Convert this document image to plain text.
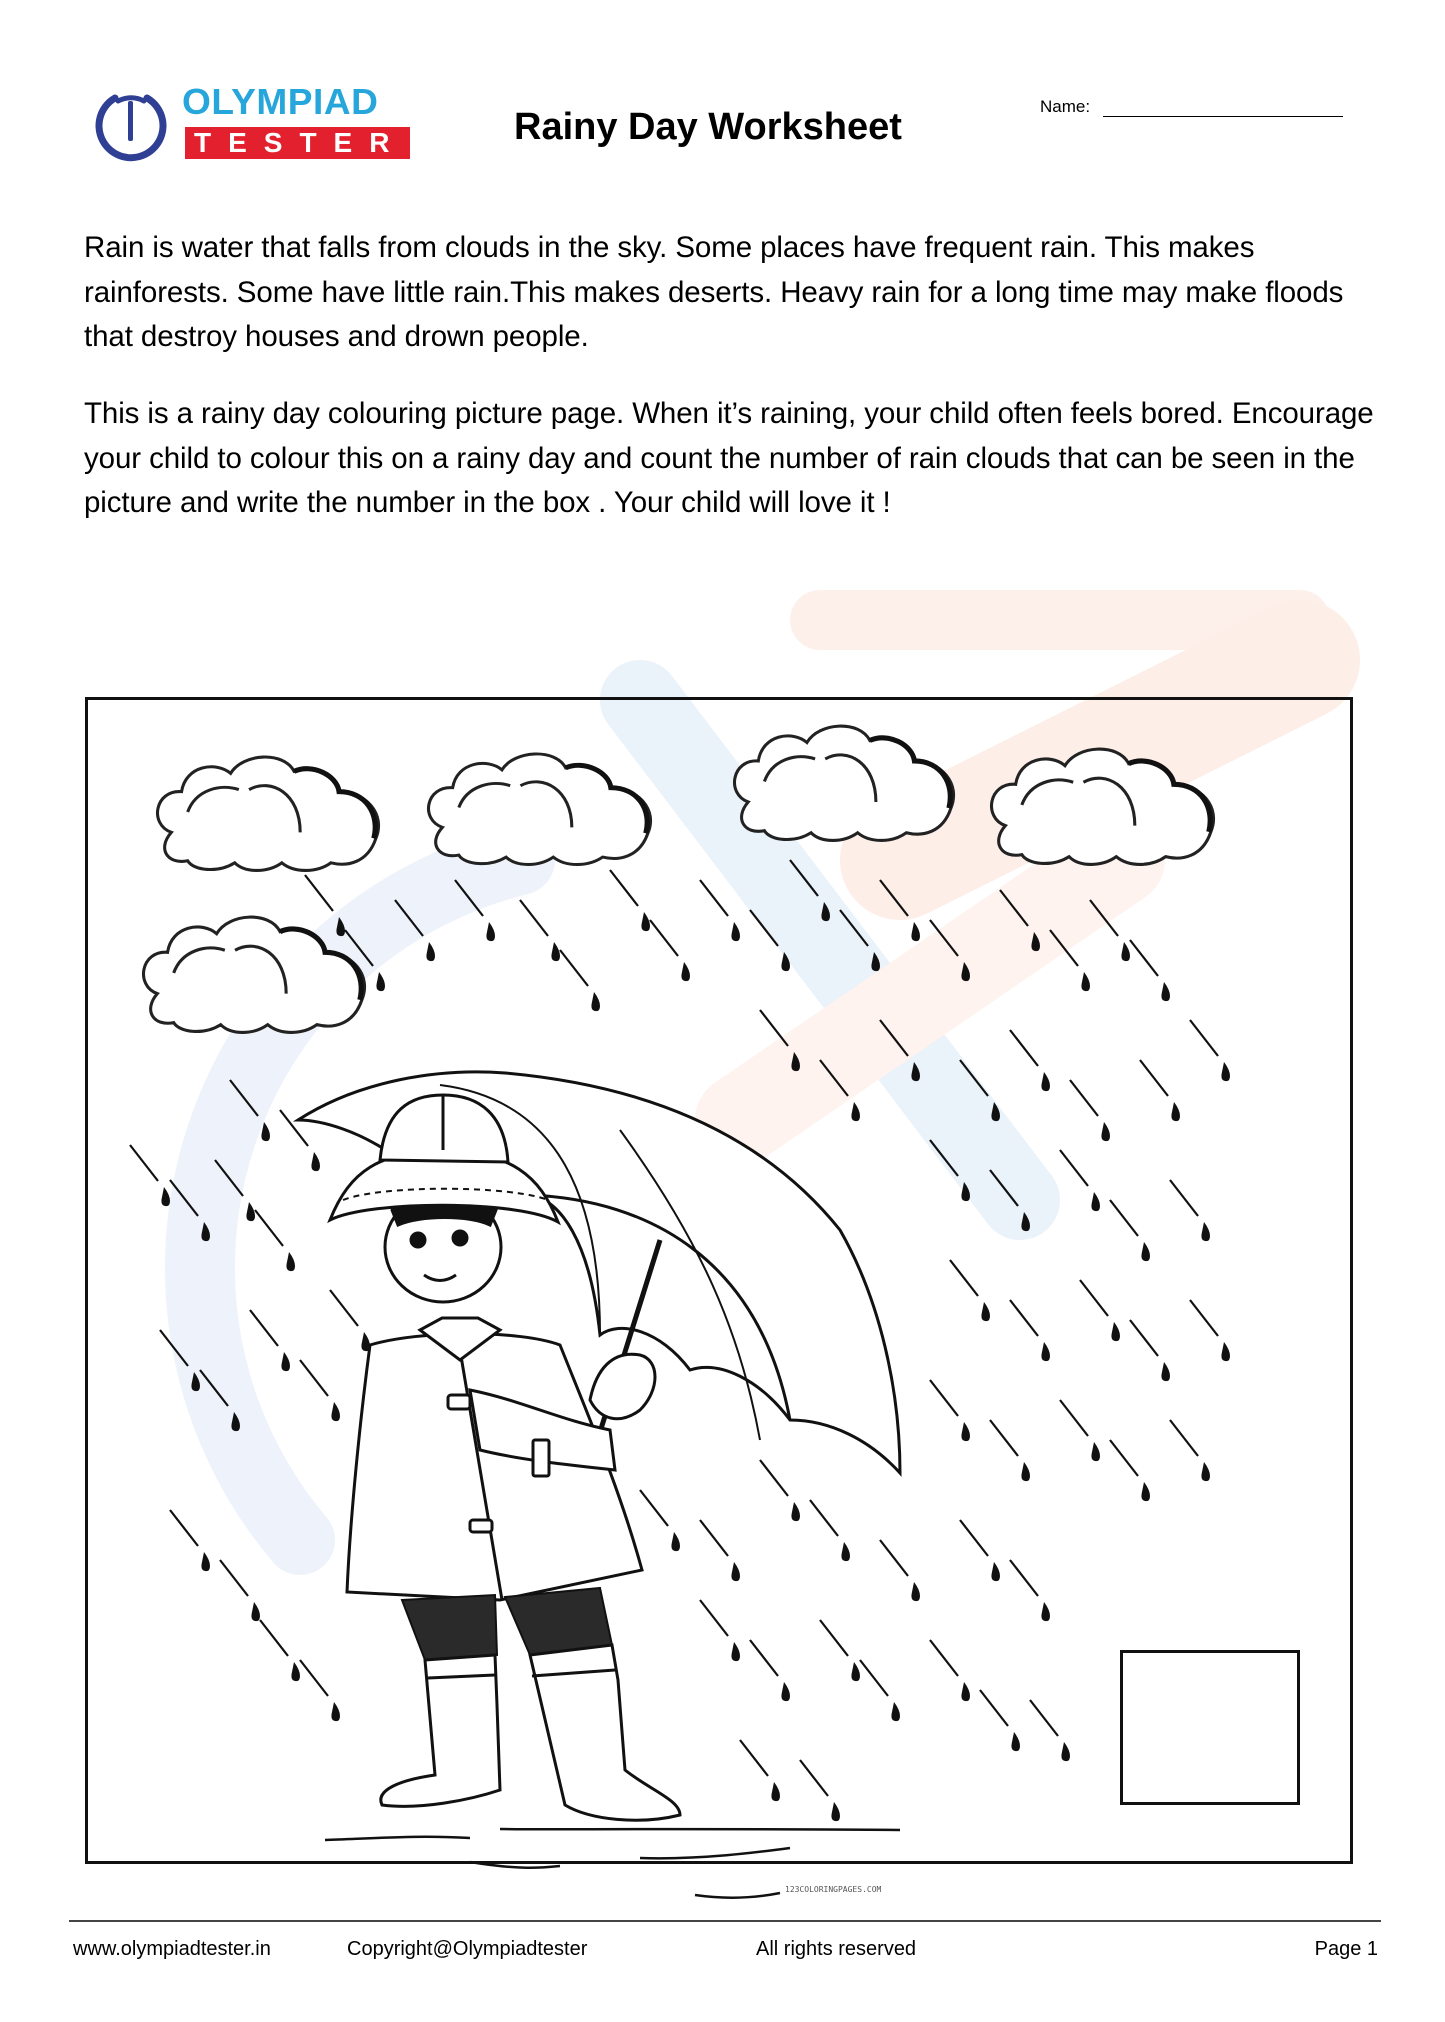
OLYMPIAD
TESTER	Rainy Day Worksheet	Name:

Rain is water that falls from clouds in the sky. Some places have frequent rain. This makes rainforests. Some have little rain.This makes deserts. Heavy rain for a long time may make floods that destroy houses and drown people.

This is a rainy day colouring picture page. When it’s raining, your child often feels bored. Encourage your child to colour this on a rainy day and count the number of rain clouds that can be seen in the picture and write the number in the box . Your child will love it !

123COLORINGPAGES.COM
www.olympiadtester.in	Copyright@Olympiadtester	All rights reserved	Page 1
